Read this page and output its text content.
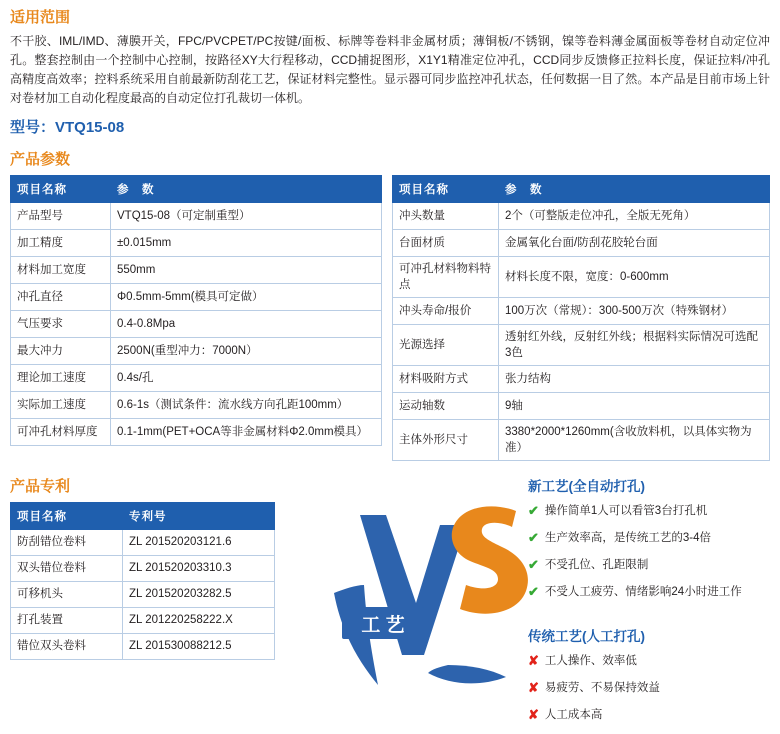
适用范围
不干胶、IML/IMD、薄膜开关，FPC/PVCPET/PC按键/面板、标牌等卷料非金属材质；薄铜板/不锈钢，镍等卷料薄金属面板等卷材自动定位冲孔。整套控制由一个控制中心控制，按路径XY大行程移动，CCD捕捉图形，X1Y1精准定位冲孔，CCD同步反馈修正拉料长度，保证拉料/冲孔高精度高效率；控料系统采用自前最新防刮花工艺，保证材料完整性。显示器可同步监控冲孔状态，任何数据一目了然。本产品是目前市场上针对卷材加工自动化程度最高的自动定位打孔裁切一体机。
型号：VTQ15-08
产品参数
项目名称	参　数
产品型号	VTQ15-08（可定制重型）
加工精度	±0.015mm
材料加工宽度	550mm
冲孔直径	Φ0.5mm-5mm(模具可定做）
气压要求	0.4-0.8Mpa
最大冲力	2500N(重型冲力：7000N）
理论加工速度	0.4s/孔
实际加工速度	0.6-1s（测试条件：流水线方向孔距100mm）
可冲孔材料厚度	0.1-1mm(PET+OCA等非金属材料Φ2.0mm模具）
项目名称	参　数
冲头数量	2个（可整版走位冲孔，全版无死角）
台面材质	金属氧化台面/防刮花胶轮台面
可冲孔材料物料特点	材料长度不限，宽度：0-600mm
冲头寿命/报价	100万次（常规）：300-500万次（特殊钢材）
光源选择	透射红外线，反射红外线；根据料实际情况可选配3色
材料吸附方式	张力结构
运动轴数	9轴
主体外形尺寸	3380*2000*1260mm(含收放料机，以具体实物为准）
产品专利
项目名称	专利号
防刮错位卷料	ZL 201520203121.6
双头错位卷料	ZL 201520203310.3
可移机头	ZL 201520203282.5
打孔装置	ZL 201220258222.X
错位双头卷料	ZL 201530088212.5
工 艺 对 比
新工艺(全自动打孔)
✔ 操作简单1人可以看管3台打孔机
✔ 生产效率高，是传统工艺的3-4倍
✔ 不受孔位、孔距限制
✔ 不受人工疲劳、情绪影响24小时进工作
传统工艺(人工打孔)
✘ 工人操作、效率低
✘ 易疲劳、不易保持效益
✘ 人工成本高
